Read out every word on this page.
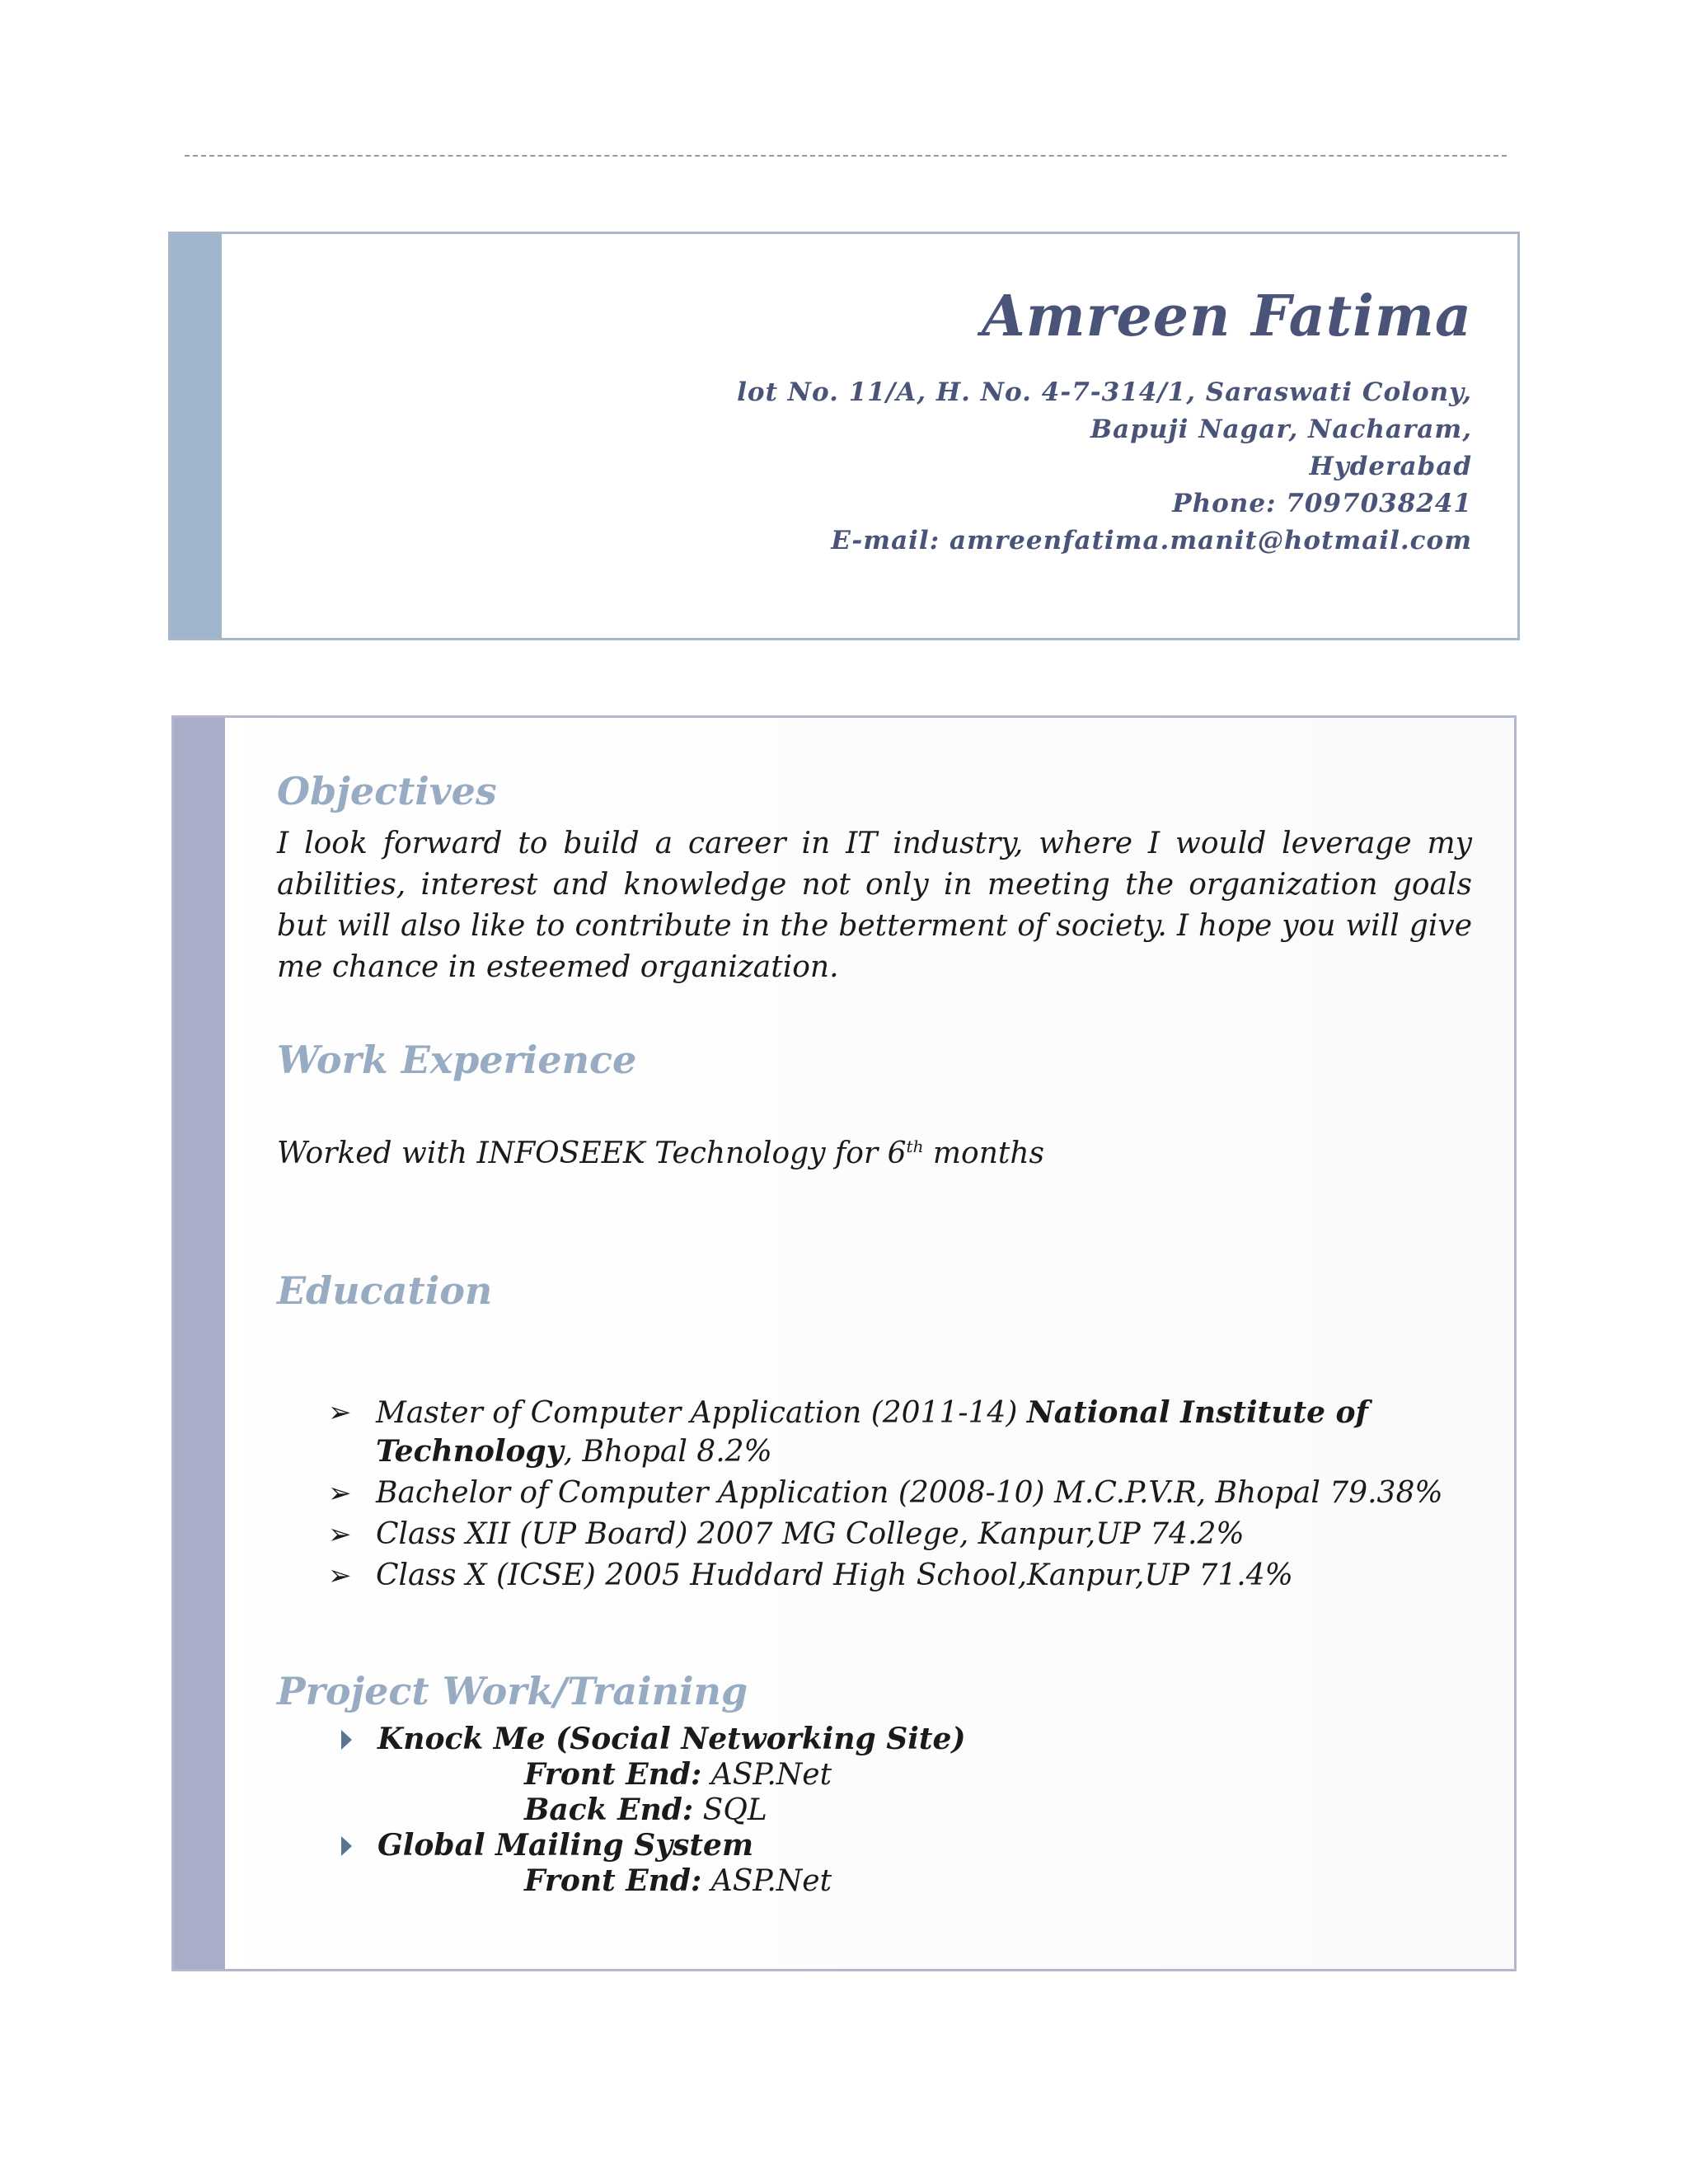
Amreen Fatima
lot No. 11/A, H. No. 4-7-314/1, Saraswati Colony,
Bapuji Nagar, Nacharam,
Hyderabad
Phone: 7097038241
E-mail: amreenfatima.manit@hotmail.com
Objectives

I look forward to build a career in IT industry, where I would leverage my abilities, interest and knowledge not only in meeting the organization goals but will also like to contribute in the betterment of society. I hope you will give me chance in esteemed organization.

Work Experience

Worked with INFOSEEK Technology for 6th months

Education
➢ Master of Computer Application (2011-14) National Institute of Technology, Bhopal 8.2%
➢ Bachelor of Computer Application (2008-10) M.C.P.V.R, Bhopal 79.38%
➢ Class XII (UP Board) 2007 MG College, Kanpur,UP 74.2%
➢ Class X (ICSE) 2005 Huddard High School,Kanpur,UP 71.4%
Project Work/Training
Knock Me (Social Networking Site)
Front End: ASP.Net
Back End: SQL
Global Mailing System
Front End: ASP.Net
